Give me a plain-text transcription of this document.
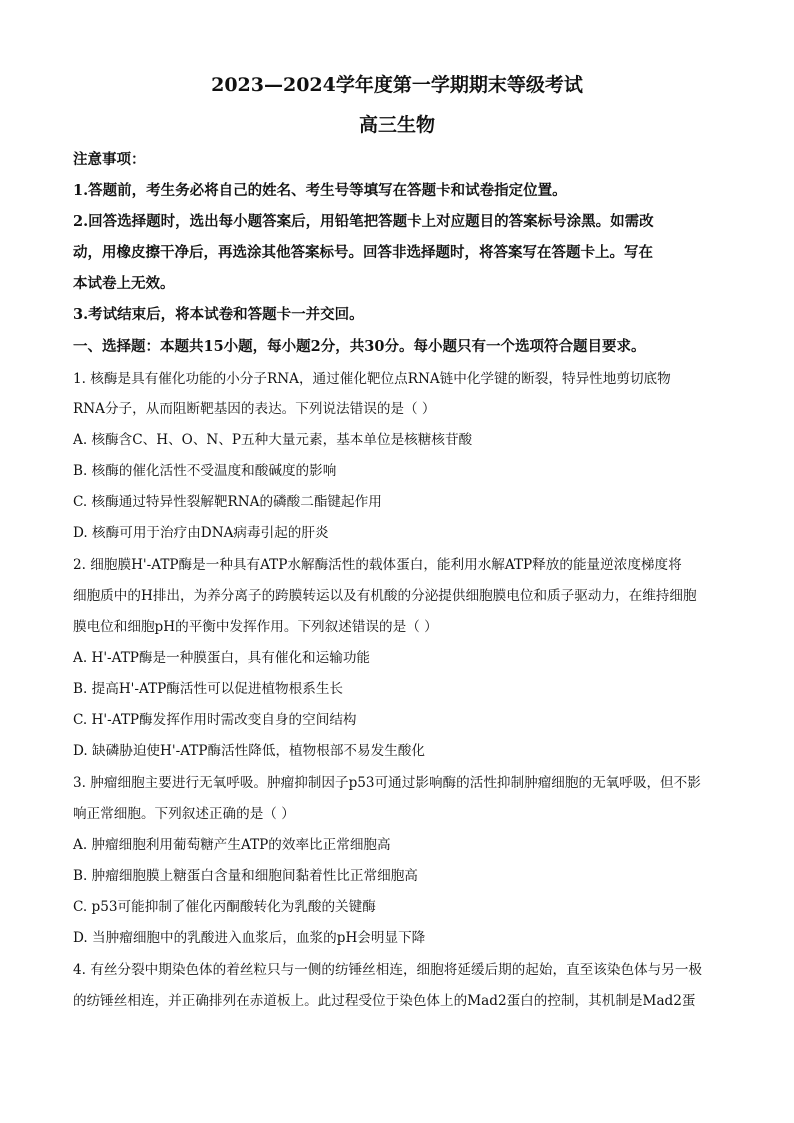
2023—2024学年度第一学期期末等级考试
高三生物
注意事项：
1.答题前，考生务必将自己的姓名、考生号等填写在答题卡和试卷指定位置。
2.回答选择题时，选出每小题答案后，用铅笔把答题卡上对应题目的答案标号涂黑。如需改
动，用橡皮擦干净后，再选涂其他答案标号。回答非选择题时，将答案写在答题卡上。写在
本试卷上无效。
3.考试结束后，将本试卷和答题卡一并交回。
一、选择题：本题共15小题，每小题2分，共30分。每小题只有一个选项符合题目要求。
1. 核酶是具有催化功能的小分子RNA，通过催化靶位点RNA链中化学键的断裂，特异性地剪切底物
RNA分子，从而阻断靶基因的表达。下列说法错误的是（ ）
A. 核酶含C、H、O、N、P五种大量元素，基本单位是核糖核苷酸
B. 核酶的催化活性不受温度和酸碱度的影响
C. 核酶通过特异性裂解靶RNA的磷酸二酯键起作用
D. 核酶可用于治疗由DNA病毒引起的肝炎
2. 细胞膜H'-ATP酶是一种具有ATP水解酶活性的载体蛋白，能利用水解ATP释放的能量逆浓度梯度将
细胞质中的H排出，为养分离子的跨膜转运以及有机酸的分泌提供细胞膜电位和质子驱动力，在维持细胞
膜电位和细胞pH的平衡中发挥作用。下列叙述错误的是（ ）
A. H'-ATP酶是一种膜蛋白，具有催化和运输功能
B. 提高H'-ATP酶活性可以促进植物根系生长
C. H'-ATP酶发挥作用时需改变自身的空间结构
D. 缺磷胁迫使H'-ATP酶活性降低，植物根部不易发生酸化
3. 肿瘤细胞主要进行无氧呼吸。肿瘤抑制因子p53可通过影响酶的活性抑制肿瘤细胞的无氧呼吸，但不影
响正常细胞。下列叙述正确的是（ ）
A. 肿瘤细胞利用葡萄糖产生ATP的效率比正常细胞高
B. 肿瘤细胞膜上糖蛋白含量和细胞间黏着性比正常细胞高
C. p53可能抑制了催化丙酮酸转化为乳酸的关键酶
D. 当肿瘤细胞中的乳酸进入血浆后，血浆的pH会明显下降
4. 有丝分裂中期染色体的着丝粒只与一侧的纺锤丝相连，细胞将延缓后期的起始，直至该染色体与另一极
的纺锤丝相连，并正确排列在赤道板上。此过程受位于染色体上的Mad2蛋白的控制，其机制是Mad2蛋
